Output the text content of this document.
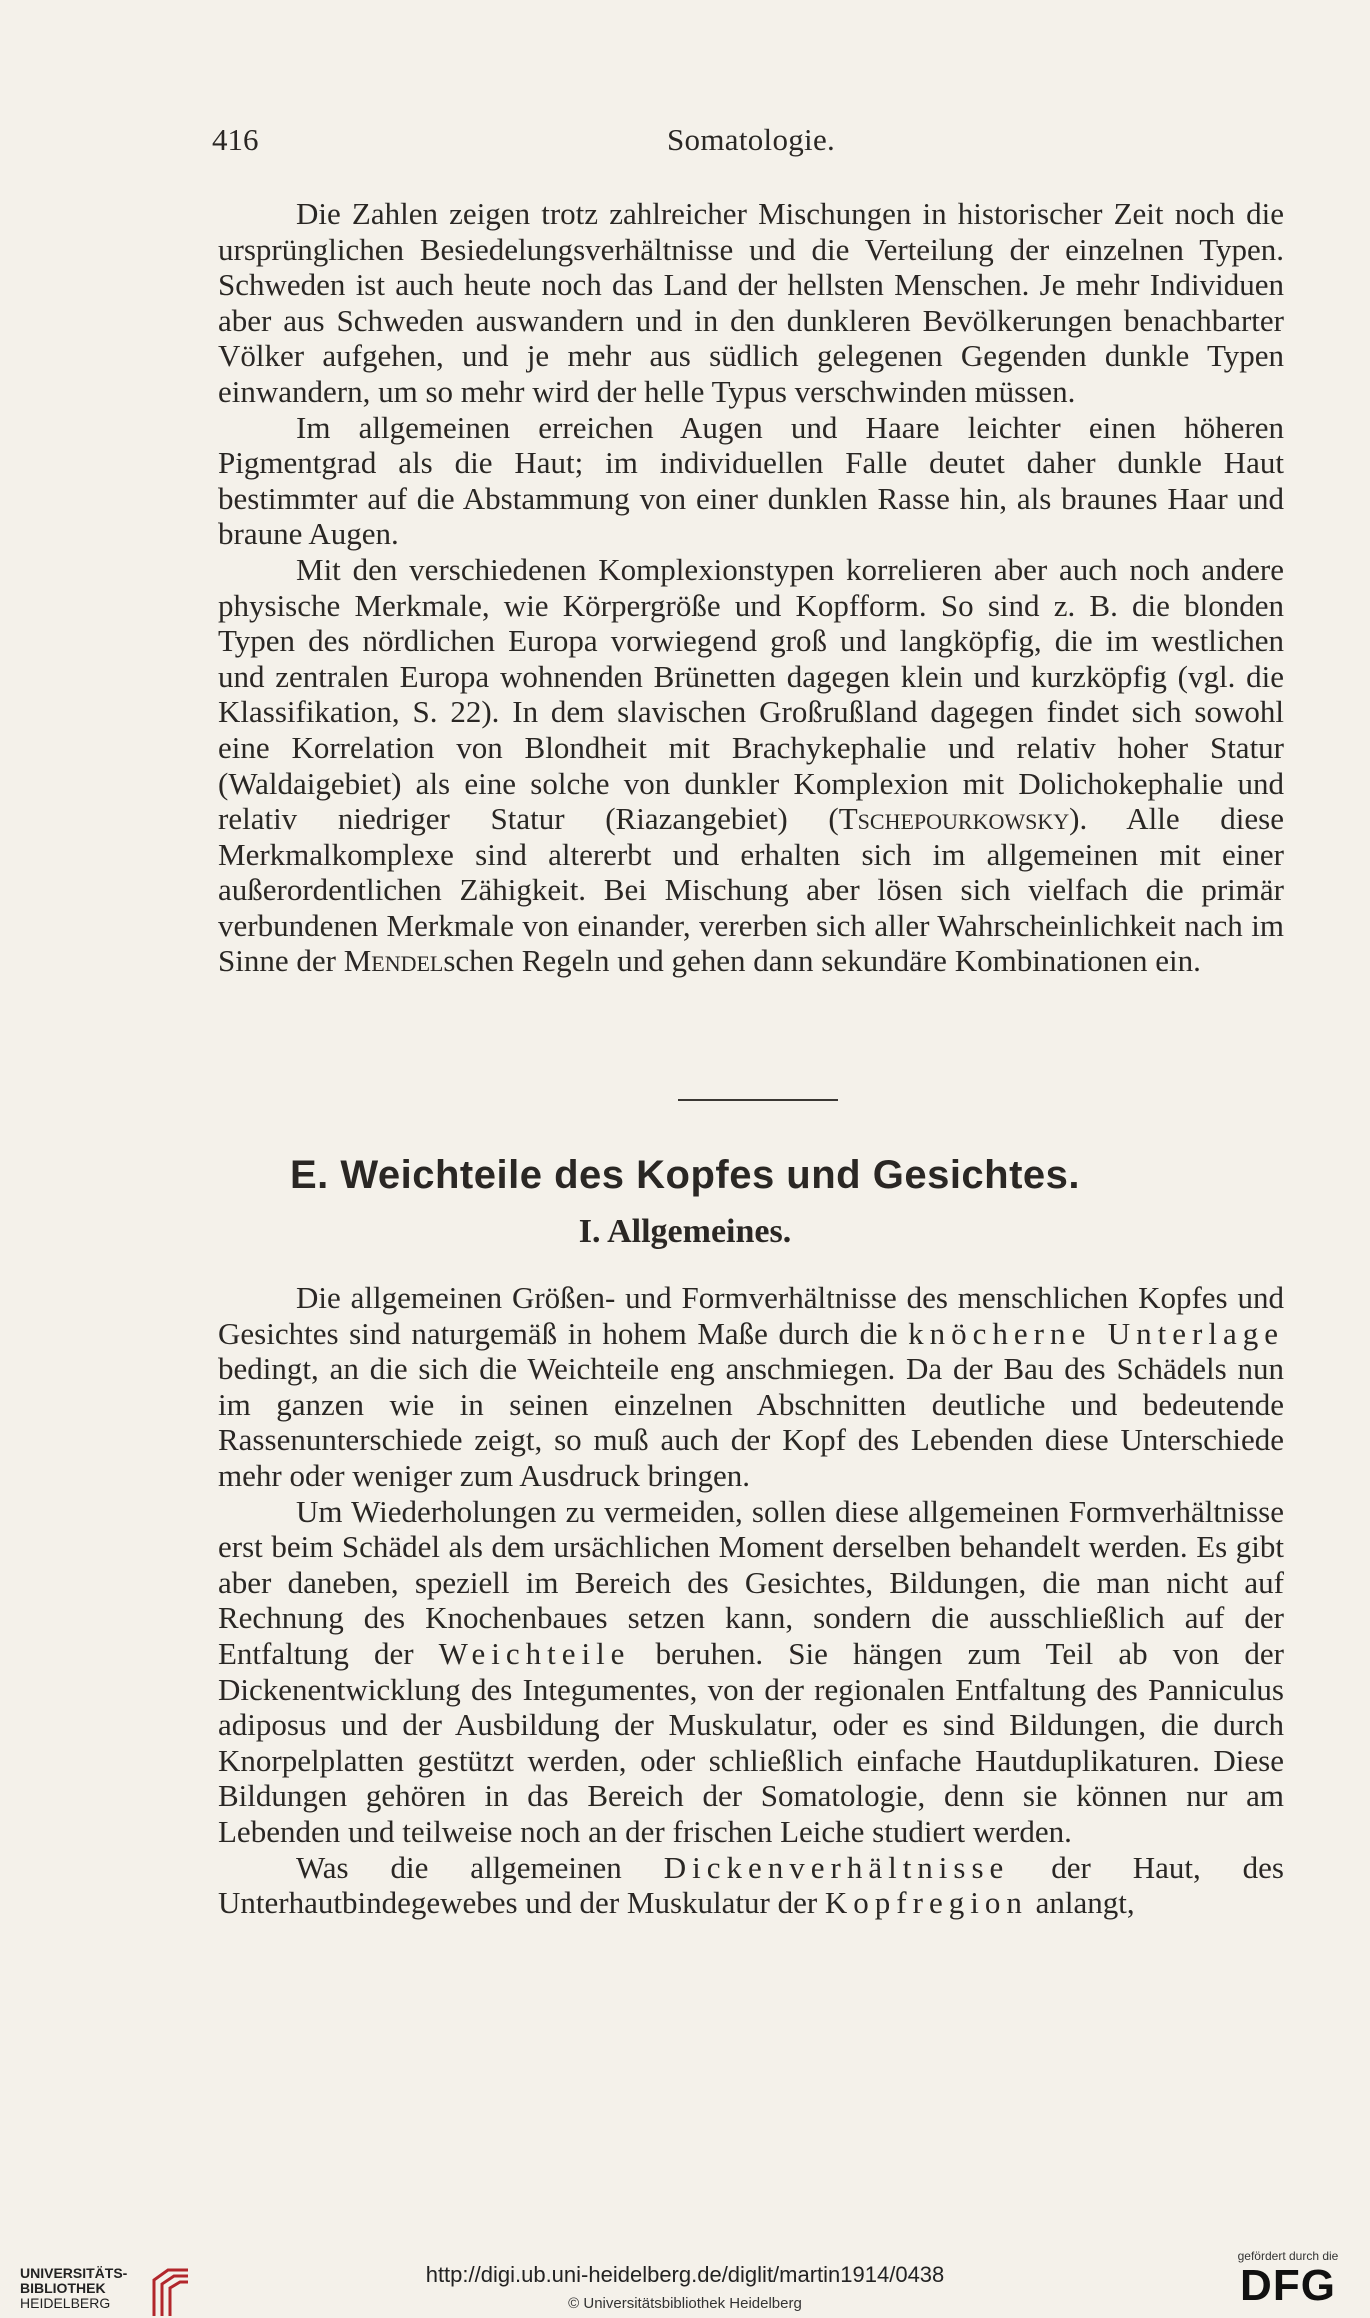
416	Somatologie.

Die Zahlen zeigen trotz zahlreicher Mischungen in historischer Zeit noch die ursprünglichen Besiedelungsverhältnisse und die Verteilung der einzelnen Typen. Schweden ist auch heute noch das Land der hellsten Menschen. Je mehr Individuen aber aus Schweden auswandern und in den dunkleren Bevölkerungen benachbarter Völker aufgehen, und je mehr aus südlich gelegenen Gegenden dunkle Typen einwandern, um so mehr wird der helle Typus verschwinden müssen.

Im allgemeinen erreichen Augen und Haare leichter einen höheren Pigmentgrad als die Haut; im individuellen Falle deutet daher dunkle Haut bestimmter auf die Abstammung von einer dunklen Rasse hin, als braunes Haar und braune Augen.

Mit den verschiedenen Komplexionstypen korrelieren aber auch noch andere physische Merkmale, wie Körpergröße und Kopfform. So sind z. B. die blonden Typen des nördlichen Europa vorwiegend groß und langköpfig, die im westlichen und zentralen Europa wohnenden Brünetten dagegen klein und kurzköpfig (vgl. die Klassifikation, S. 22). In dem slavischen Großrußland dagegen findet sich sowohl eine Korrelation von Blondheit mit Brachykephalie und relativ hoher Statur (Waldaigebiet) als eine solche von dunkler Komplexion mit Dolichokephalie und relativ niedriger Statur (Riazangebiet) (Tschepourkowsky). Alle diese Merkmalkomplexe sind altererbt und erhalten sich im allgemeinen mit einer außerordentlichen Zähigkeit. Bei Mischung aber lösen sich vielfach die primär verbundenen Merkmale von einander, vererben sich aller Wahrscheinlichkeit nach im Sinne der Mendelschen Regeln und gehen dann sekundäre Kombinationen ein.

E. Weichteile des Kopfes und Gesichtes.
I. Allgemeines.

Die allgemeinen Größen- und Formverhältnisse des menschlichen Kopfes und Gesichtes sind naturgemäß in hohem Maße durch die knöcherne Unterlage bedingt, an die sich die Weichteile eng anschmiegen. Da der Bau des Schädels nun im ganzen wie in seinen einzelnen Abschnitten deutliche und bedeutende Rassenunterschiede zeigt, so muß auch der Kopf des Lebenden diese Unterschiede mehr oder weniger zum Ausdruck bringen.

Um Wiederholungen zu vermeiden, sollen diese allgemeinen Formverhältnisse erst beim Schädel als dem ursächlichen Moment derselben behandelt werden. Es gibt aber daneben, speziell im Bereich des Gesichtes, Bildungen, die man nicht auf Rechnung des Knochenbaues setzen kann, sondern die ausschließlich auf der Entfaltung der Weichteile beruhen. Sie hängen zum Teil ab von der Dickenentwicklung des Integumentes, von der regionalen Entfaltung des Panniculus adiposus und der Ausbildung der Muskulatur, oder es sind Bildungen, die durch Knorpelplatten gestützt werden, oder schließlich einfache Hautduplikaturen. Diese Bildungen gehören in das Bereich der Somatologie, denn sie können nur am Lebenden und teilweise noch an der frischen Leiche studiert werden.

Was die allgemeinen Dickenverhältnisse der Haut, des Unterhautbindegewebes und der Muskulatur der Kopfregion anlangt,

UNIVERSITÄTS-
BIBLIOTHEK
HEIDELBERG
http://digi.ub.uni-heidelberg.de/diglit/martin1914/0438
© Universitätsbibliothek Heidelberg
gefördert durch die
DFG
